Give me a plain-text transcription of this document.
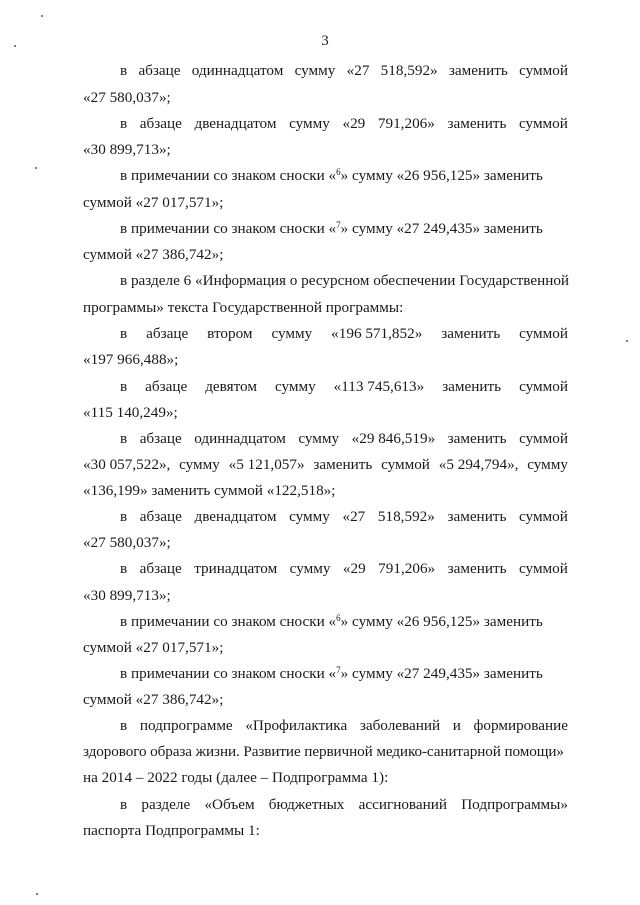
3
в абзаце одиннадцатом сумму «27 518,592» заменить суммой
«27 580,037»;
в абзаце двенадцатом сумму «29 791,206» заменить суммой
«30 899,713»;
в примечании со знаком сноски «$^6$» сумму «26 956,125» заменить
суммой «27 017,571»;
в примечании со знаком сноски «$^7$» сумму «27 249,435» заменить
суммой «27 386,742»;
в разделе 6 «Информация о ресурсном обеспечении Государственной
программы» текста Государственной программы:
в абзаце втором сумму «196 571,852» заменить суммой
«197 966,488»;
в абзаце девятом сумму «113 745,613» заменить суммой
«115 140,249»;
в абзаце одиннадцатом сумму «29 846,519» заменить суммой
«30 057,522», сумму «5 121,057» заменить суммой «5 294,794», сумму
«136,199» заменить суммой «122,518»;
в абзаце двенадцатом сумму «27 518,592» заменить суммой
«27 580,037»;
в абзаце тринадцатом сумму «29 791,206» заменить суммой
«30 899,713»;
в примечании со знаком сноски «$^6$» сумму «26 956,125» заменить
суммой «27 017,571»;
в примечании со знаком сноски «$^7$» сумму «27 249,435» заменить
суммой «27 386,742»;
в подпрограмме «Профилактика заболеваний и формирование
здорового образа жизни. Развитие первичной медико-санитарной помощи»
на 2014 – 2022 годы (далее – Подпрограмма 1):
в разделе «Объем бюджетных ассигнований Подпрограммы»
паспорта Подпрограммы 1:
